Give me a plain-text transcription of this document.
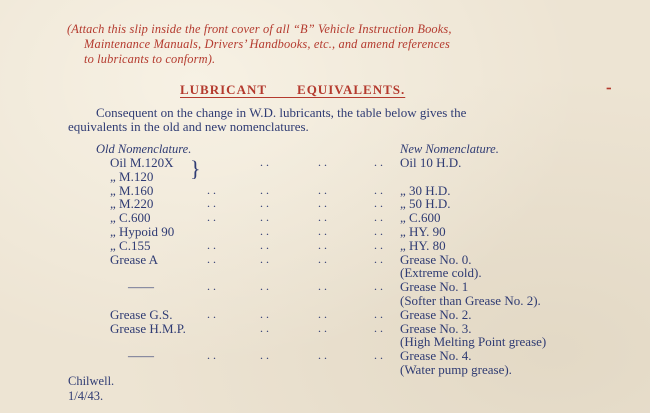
(Attach this slip inside the front cover of all “B” Vehicle Instruction Books,
Maintenance Manuals, Drivers’ Handbooks, etc., and amend references
to lubricants to conform).
LUBRICANT EQUIVALENTS.	⁃
Consequent on the change in W.D. lubricants, the table below gives the
equivalents in the old and new nomenclatures.
Old Nomenclature.	New Nomenclature.
}
Oil M.120X	. .	. .	. . Oil 10 H.D.
„ M.120
„ M.160	. .	. .	. .	. . „ 30 H.D.
„ M.220	. .	. .	. .	. . „ 50 H.D.
„ C.600	. .	. .	. .	. . „ C.600
„ Hypoid 90	. .	. .	. . „ HY. 90
„ C.155	. .	. .	. .	. . „ HY. 80
Grease A	. .	. .	. .	. . Grease No. 0.
(Extreme cold).
——	. .	. .	. .	. . Grease No. 1
(Softer than Grease No. 2).
Grease G.S.	. .	. .	. .	. . Grease No. 2.
Grease H.M.P.	. .	. .	. . Grease No. 3.
(High Melting Point grease)
——	. .	. .	. .	. . Grease No. 4.
(Water pump grease).
Chilwell.
1/4/43.
